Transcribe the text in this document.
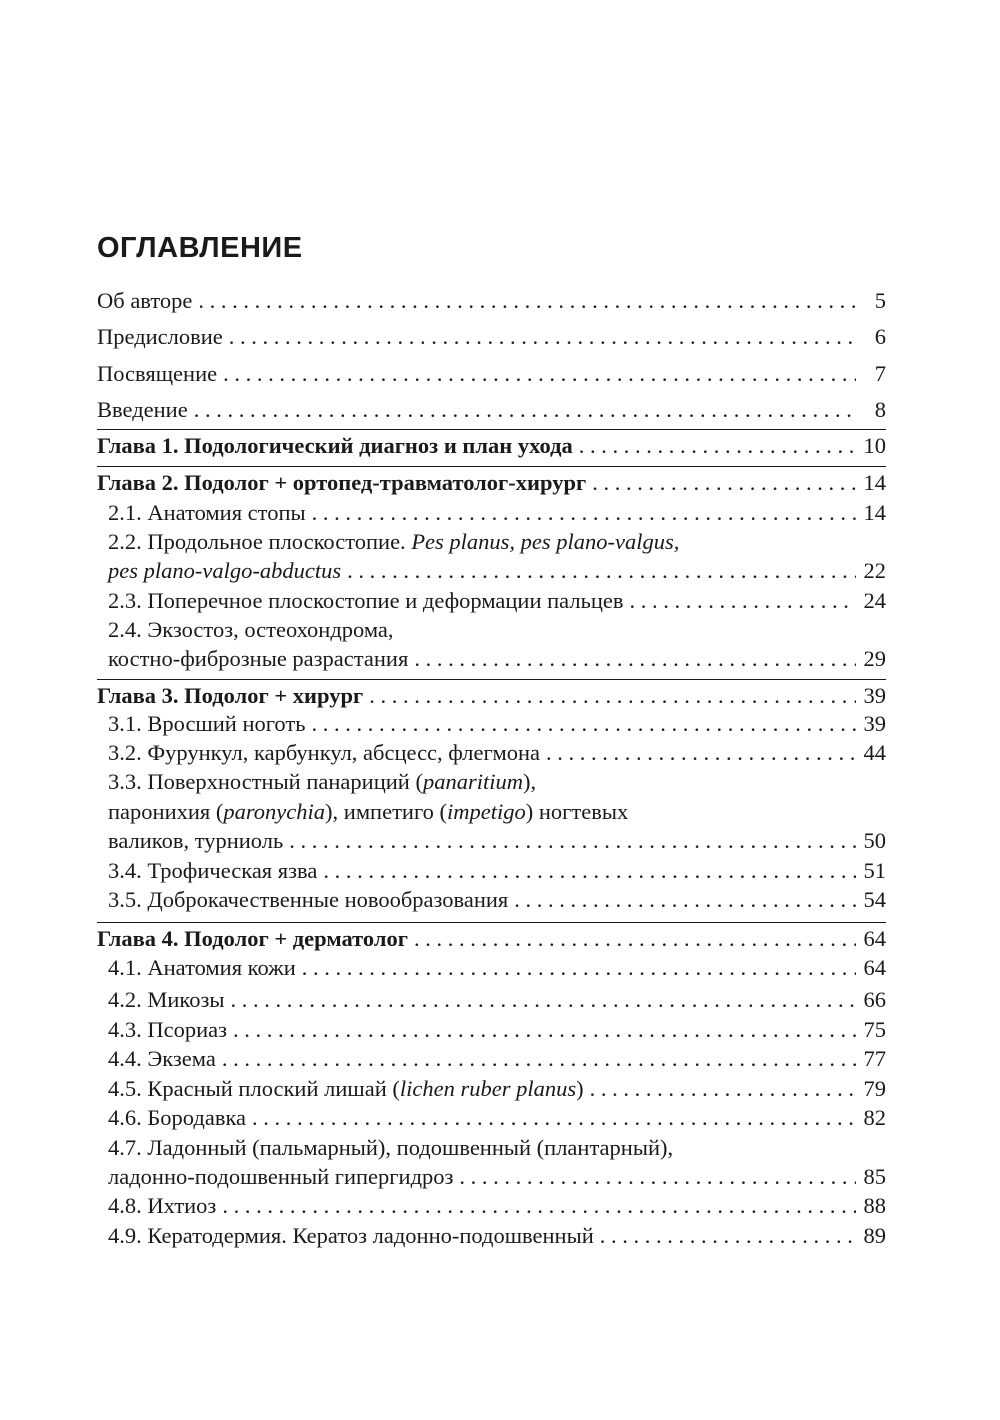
ОГЛАВЛЕНИЕ
Об авторе . . .	5
Предисловие . . .	6
Посвящение . . .	7
Введение . . .	8
Глава 1. Подологический диагноз и план ухода . . .	10
Глава 2. Подолог + ортопед-травматолог-хирург . . .	14
2.1. Анатомия стопы . . .	14
2.2. Продольное плоскостопие. Pes planus, pes plano-valgus,
pes plano-valgo-abductus . . .	22
2.3. Поперечное плоскостопие и деформации пальцев . . .	24
2.4. Экзостоз, остеохондрома,
костно-фиброзные разрастания . . .	29
Глава 3. Подолог + хирург . . .	39
3.1. Вросший ноготь . . .	39
3.2. Фурункул, карбункул, абсцесс, флегмона . . .	44
3.3. Поверхностный панариций (panaritium),
паронихия (paronychia), импетиго (impetigo) ногтевых
валиков, турниоль . . .	50
3.4. Трофическая язва . . .	51
3.5. Доброкачественные новообразования . . .	54
Глава 4. Подолог + дерматолог . . .	64
4.1. Анатомия кожи . . .	64
4.2. Микозы . . .	66
4.3. Псориаз . . .	75
4.4. Экзема . . .	77
4.5. Красный плоский лишай (lichen ruber planus) . . .	79
4.6. Бородавка . . .	82
4.7. Ладонный (пальмарный), подошвенный (плантарный),
ладонно-подошвенный гипергидроз . . .	85
4.8. Ихтиоз . . .	88
4.9. Кератодермия. Кератоз ладонно-подошвенный . . .	89
